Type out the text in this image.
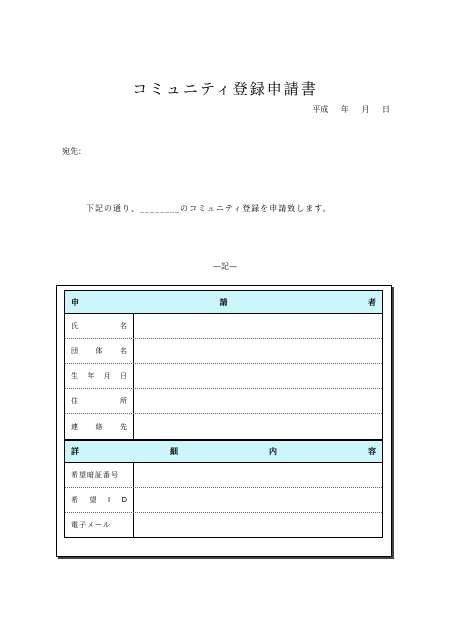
コミュニティ登録申請書
平成 年 月 日
宛先：
下記の通り、________のコミュニティ登録を申請致します。
—記—
申	請	者
氏	名
団	体	名
生 年 月 日
住	所
連	絡	先
詳	細	内	容
希望暗証番号
希 望 I D
電子メール
